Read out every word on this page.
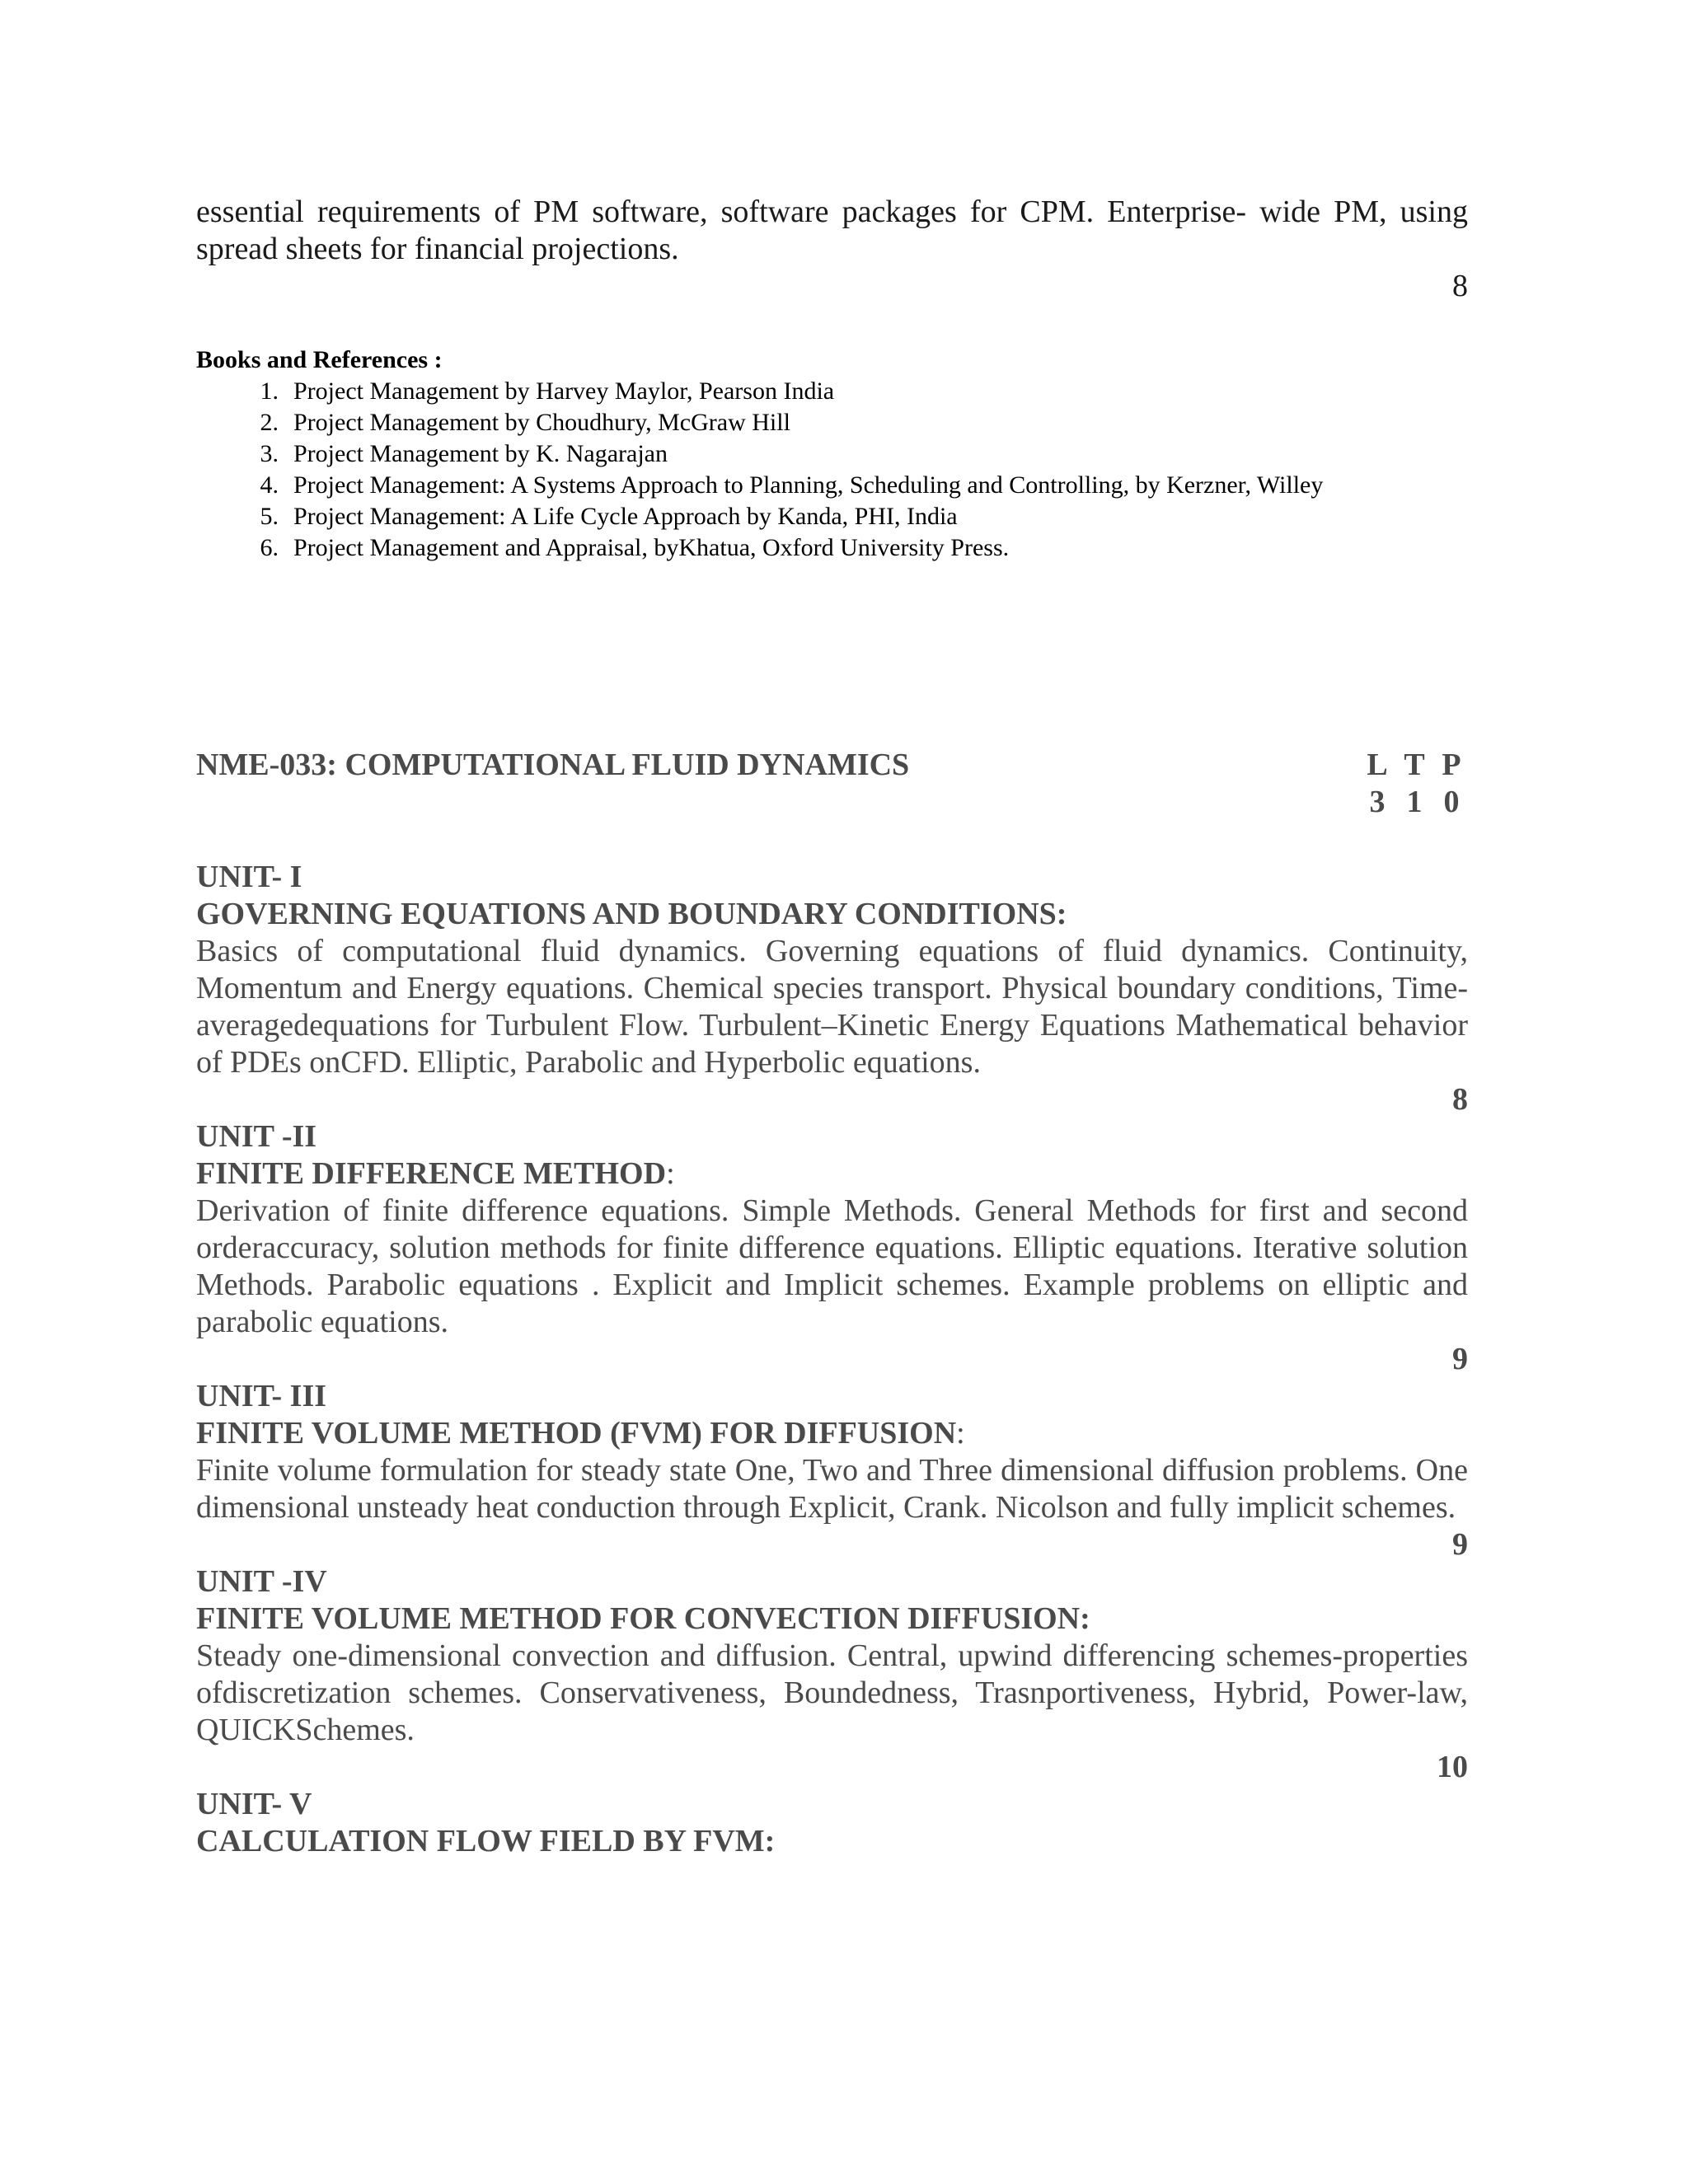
essential requirements of PM software, software packages for CPM. Enterprise- wide PM, using spread sheets for financial projections.

8

Books and References :

1. Project Management by Harvey Maylor, Pearson India
2. Project Management by Choudhury, McGraw Hill
3. Project Management by K. Nagarajan
4. Project Management: A Systems Approach to Planning, Scheduling and Controlling, by Kerzner, Willey
5. Project Management: A Life Cycle Approach by Kanda, PHI, India
6. Project Management and Appraisal, byKhatua, Oxford University Press.
NME-033: COMPUTATIONAL FLUID DYNAMICS	L T P
3 1 0

UNIT- I

GOVERNING EQUATIONS AND BOUNDARY CONDITIONS:

Basics of computational fluid dynamics. Governing equations of fluid dynamics. Continuity, Momentum and Energy equations. Chemical species transport. Physical boundary conditions, Time-averagedequations for Turbulent Flow. Turbulent–Kinetic Energy Equations Mathematical behavior of PDEs onCFD. Elliptic, Parabolic and Hyperbolic equations.

8

UNIT -II

FINITE DIFFERENCE METHOD:

Derivation of finite difference equations. Simple Methods. General Methods for first and second orderaccuracy, solution methods for finite difference equations. Elliptic equations. Iterative solution Methods. Parabolic equations . Explicit and Implicit schemes. Example problems on elliptic and parabolic equations.

9

UNIT- III

FINITE VOLUME METHOD (FVM) FOR DIFFUSION:

Finite volume formulation for steady state One, Two and Three dimensional diffusion problems. One dimensional unsteady heat conduction through Explicit, Crank. Nicolson and fully implicit schemes.

9

UNIT -IV

FINITE VOLUME METHOD FOR CONVECTION DIFFUSION:

Steady one-dimensional convection and diffusion. Central, upwind differencing schemes-properties ofdiscretization schemes. Conservativeness, Boundedness, Trasnportiveness, Hybrid, Power-law, QUICKSchemes.

10

UNIT- V

CALCULATION FLOW FIELD BY FVM:
